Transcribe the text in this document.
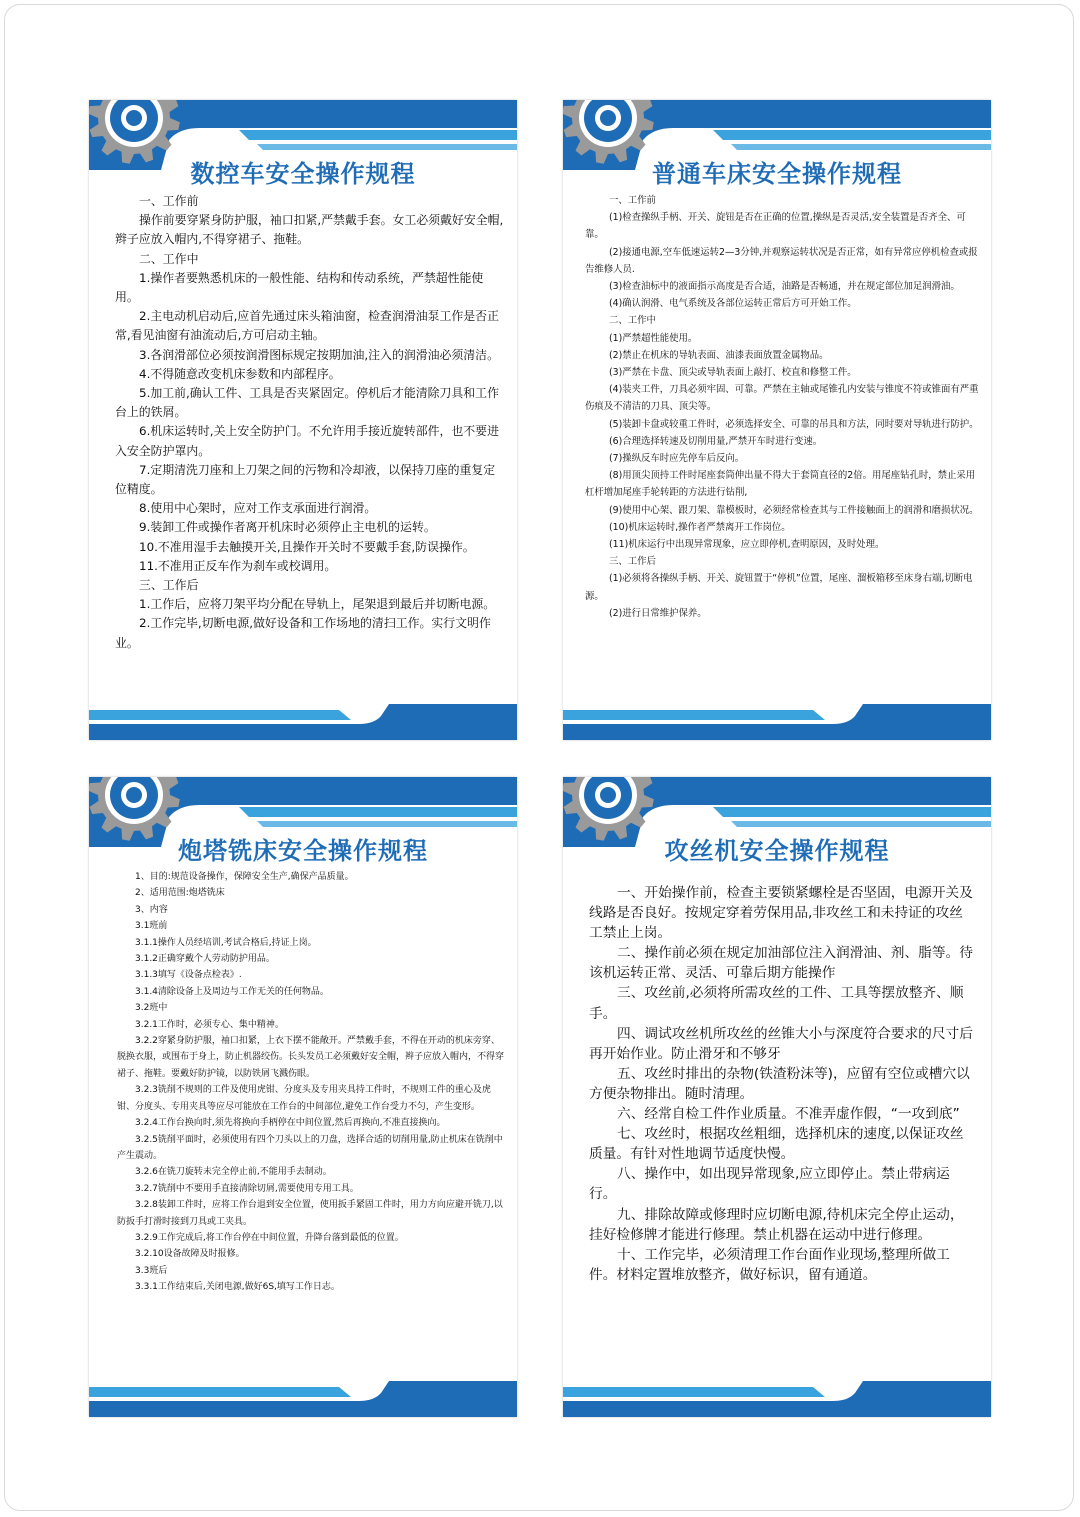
数控车安全操作规程

一、工作前

操作前要穿紧身防护服，袖口扣紧,严禁戴手套。女工必须戴好安全帽,辫子应放入帽内,不得穿裙子、拖鞋。

二、工作中

1.操作者要熟悉机床的一般性能、结构和传动系统，严禁超性能使用。

2.主电动机启动后,应首先通过床头箱油窗，检查润滑油泵工作是否正常,看见油窗有油流动后,方可启动主轴。

3.各润滑部位必须按润滑图标规定按期加油,注入的润滑油必须清洁。

4.不得随意改变机床参数和内部程序。

5.加工前,确认工件、工具是否夹紧固定。停机后才能清除刀具和工作台上的铁屑。

6.机床运转时,关上安全防护门。不允许用手接近旋转部件，也不要进入安全防护罩内。

7.定期清洗刀座和上刀架之间的污物和冷却液，以保持刀座的重复定位精度。

8.使用中心架时，应对工作支承面进行润滑。

9.装卸工件或操作者离开机床时必须停止主电机的运转。

10.不准用湿手去触摸开关,且操作开关时不要戴手套,防误操作。

11.不准用正反车作为刹车或校调用。

三、工作后

1.工作后，应将刀架平均分配在导轨上，尾架退到最后并切断电源。

2.工作完毕,切断电源,做好设备和工作场地的清扫工作。实行文明作业。

普通车床安全操作规程

一、工作前

(1)检查操纵手柄、开关、旋钮是否在正确的位置,操纵是否灵活,安全装置是否齐全、可靠。

(2)接通电源,空车低速运转2—3分钟,并观察运转状况是否正常，如有异常应停机检查或报告维修人员.

(3)检查油标中的液面指示高度是否合适，油路是否畅通，并在规定部位加足润滑油。

(4)确认润滑、电气系统及各部位运转正常后方可开始工作。

二、工作中

(1)严禁超性能使用。

(2)禁止在机床的导轨表面、油漆表面放置金属物品。

(3)严禁在卡盘、顶尖或导轨表面上敲打、校直和修整工件。

(4)装夹工件，刀具必须牢固、可靠。严禁在主轴或尾锥孔内安装与锥度不符或锥面有严重伤痕及不清洁的刀具、顶尖等。

(5)装卸卡盘或较重工件时，必须选择安全、可靠的吊具和方法，同时要对导轨进行防护。

(6)合理选择转速及切削用量,严禁开车时进行变速。

(7)操纵反车时应先停车后反向。

(8)用顶尖顶持工件时尾座套筒伸出量不得大于套筒直径的2倍。用尾座钻孔时，禁止采用杠杆增加尾座手轮转距的方法进行钻削,

(9)使用中心架、跟刀架、靠模板时，必须经常检查其与工件接触面上的润滑和磨损状况。

(10)机床运转时,操作者严禁离开工作岗位。

(11)机床运行中出现异常现象，应立即停机,查明原因，及时处理。

三、工作后

(1)必须将各操纵手柄、开关、旋钮置于“停机”位置，尾座、溜板箱移至床身右端,切断电源。

(2)进行日常维护保养。

炮塔铣床安全操作规程

1、目的:规范设备操作，保障安全生产,确保产品质量。

2、适用范围:炮塔铣床

3、内容

3.1班前

3.1.1操作人员经培训,考试合格后,持证上岗。

3.1.2正确穿戴个人劳动防护用品。

3.1.3填写《设备点检表》.

3.1.4清除设备上及周边与工作无关的任何物品。

3.2班中

3.2.1工作时，必须专心、集中精神。

3.2.2穿紧身防护服，袖口扣紧，上衣下摆不能敞开。严禁戴手套，不得在开动的机床旁穿、脱换衣服，或围布于身上，防止机器绞伤。长头发员工必须戴好安全帽，辫子应放入帽内，不得穿裙子、拖鞋。要戴好防护镜，以防铁屑飞溅伤眼。

3.2.3铣削不规则的工件及使用虎钳、分度头及专用夹具持工件时，不规则工件的重心及虎钳、分度头、专用夹具等应尽可能放在工作台的中间部位,避免工作台受力不匀，产生变形。

3.2.4工作台换向时,须先将换向手柄停在中间位置,然后再换向,不准直接换向。

3.2.5铣削平面时，必须使用有四个刀头以上的刀盘，选择合适的切削用量,防止机床在铣削中产生震动。

3.2.6在铣刀旋转未完全停止前,不能用手去制动。

3.2.7铣削中不要用手直接清除切屑,需要使用专用工具。

3.2.8装卸工件时，应将工作台退到安全位置，使用扳手紧固工件时，用力方向应避开铣刀,以防扳手打滑时接到刀具或工夹具。

3.2.9工作完成后,将工作台停在中间位置，升降台落到最低的位置。

3.2.10设备故障及时报修。

3.3班后

3.3.1工作结束后,关闭电源,做好6S,填写工作日志。

攻丝机安全操作规程

一、开始操作前，检查主要锁紧螺栓是否坚固，电源开关及线路是否良好。按规定穿着劳保用品,非攻丝工和未持证的攻丝工禁止上岗。

二、操作前必须在规定加油部位注入润滑油、剂、脂等。待该机运转正常、灵活、可靠后期方能操作

三、攻丝前,必须将所需攻丝的工件、工具等摆放整齐、顺手。

四、调试攻丝机所攻丝的丝锥大小与深度符合要求的尺寸后再开始作业。防止滑牙和不够牙

五、攻丝时排出的杂物(铁渣粉沫等)，应留有空位或槽穴以方便杂物排出。随时清理。

六、经常自检工件作业质量。不准弄虚作假，“一攻到底”

七、攻丝时，根据攻丝粗细，选择机床的速度,以保证攻丝质量。有针对性地调节适度快慢。

八、操作中，如出现异常现象,应立即停止。禁止带病运行。

九、排除故障或修理时应切断电源,待机床完全停止运动，挂好检修牌才能进行修理。禁止机器在运动中进行修理。

十、工作完毕，必须清理工作台面作业现场,整理所做工件。材料定置堆放整齐，做好标识，留有通道。
